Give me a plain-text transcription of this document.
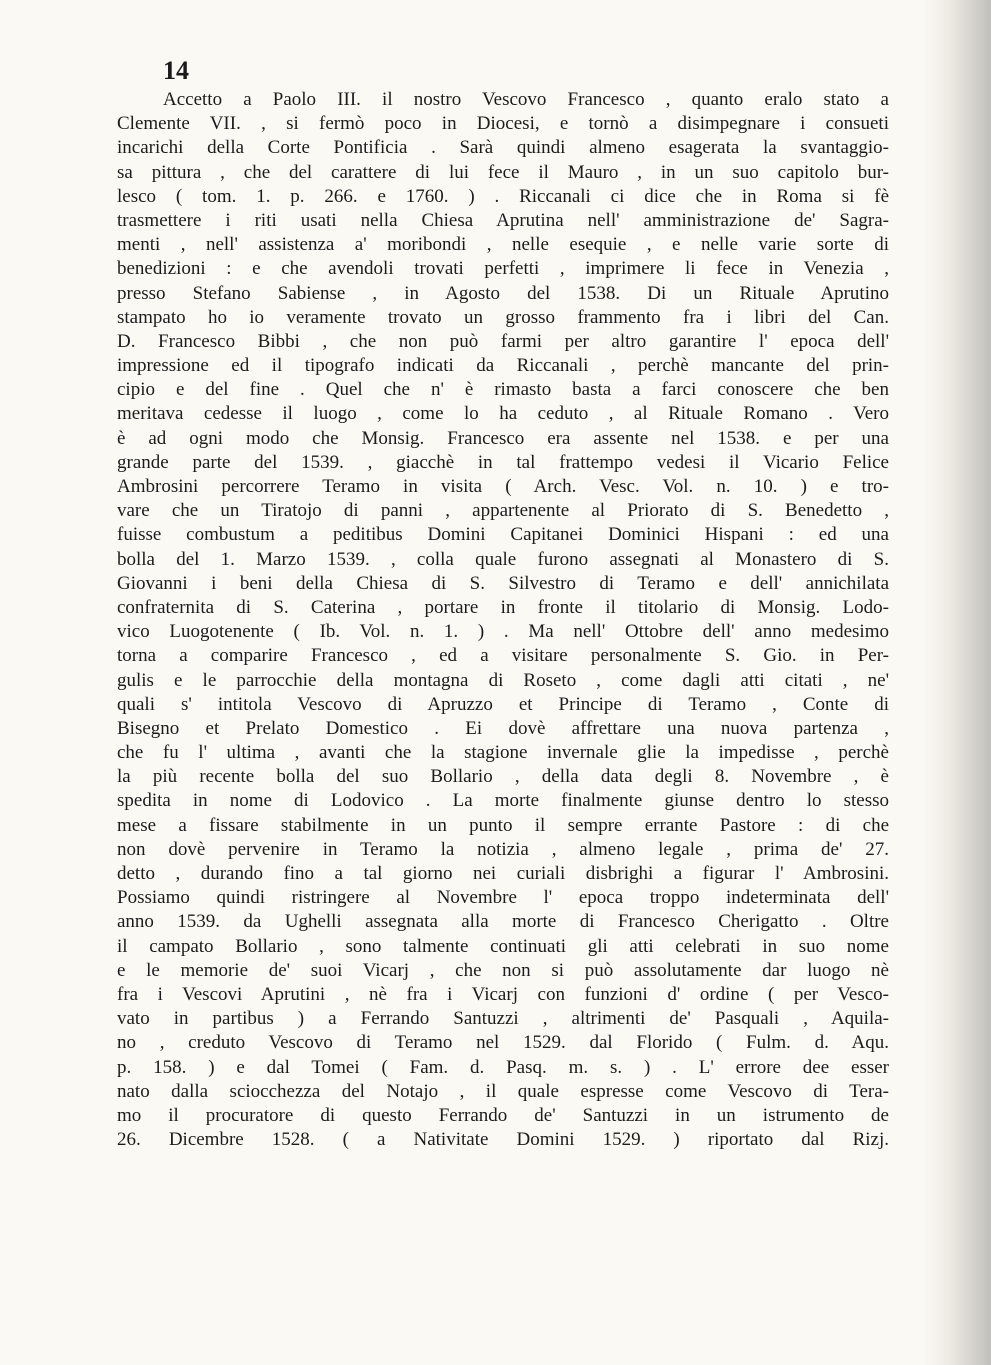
14
Accetto a Paolo III. il nostro Vescovo Francesco , quanto eralo stato a
Clemente VII. , si fermò poco in Diocesi, e tornò a disimpegnare i consueti
incarichi della Corte Pontificia . Sarà quindi almeno esagerata la svantaggio-
sa pittura , che del carattere di lui fece il Mauro , in un suo capitolo bur-
lesco ( tom. 1. p. 266. e 1760. ) . Riccanali ci dice che in Roma si fè
trasmettere i riti usati nella Chiesa Aprutina nell' amministrazione de' Sagra-
menti , nell' assistenza a' moribondi , nelle esequie , e nelle varie sorte di
benedizioni : e che avendoli trovati perfetti , imprimere li fece in Venezia ,
presso Stefano Sabiense , in Agosto del 1538. Di un Rituale Aprutino
stampato ho io veramente trovato un grosso frammento fra i libri del Can.
D. Francesco Bibbi , che non può farmi per altro garantire l' epoca dell'
impressione ed il tipografo indicati da Riccanali , perchè mancante del prin-
cipio e del fine . Quel che n' è rimasto basta a farci conoscere che ben
meritava cedesse il luogo , come lo ha ceduto , al Rituale Romano . Vero
è ad ogni modo che Monsig. Francesco era assente nel 1538. e per una
grande parte del 1539. , giacchè in tal frattempo vedesi il Vicario Felice
Ambrosini percorrere Teramo in visita ( Arch. Vesc. Vol. n. 10. ) e tro-
vare che un Tiratojo di panni , appartenente al Priorato di S. Benedetto ,
fuisse combustum a peditibus Domini Capitanei Dominici Hispani : ed una
bolla del 1. Marzo 1539. , colla quale furono assegnati al Monastero di S.
Giovanni i beni della Chiesa di S. Silvestro di Teramo e dell' annichilata
confraternita di S. Caterina , portare in fronte il titolario di Monsig. Lodo-
vico Luogotenente ( Ib. Vol. n. 1. ) . Ma nell' Ottobre dell' anno medesimo
torna a comparire Francesco , ed a visitare personalmente S. Gio. in Per-
gulis e le parrocchie della montagna di Roseto , come dagli atti citati , ne'
quali s' intitola Vescovo di Apruzzo et Principe di Teramo , Conte di
Bisegno et Prelato Domestico . Ei dovè affrettare una nuova partenza ,
che fu l' ultima , avanti che la stagione invernale glie la impedisse , perchè
la più recente bolla del suo Bollario , della data degli 8. Novembre , è
spedita in nome di Lodovico . La morte finalmente giunse dentro lo stesso
mese a fissare stabilmente in un punto il sempre errante Pastore : di che
non dovè pervenire in Teramo la notizia , almeno legale , prima de' 27.
detto , durando fino a tal giorno nei curiali disbrighi a figurar l' Ambrosini.
Possiamo quindi ristringere al Novembre l' epoca troppo indeterminata dell'
anno 1539. da Ughelli assegnata alla morte di Francesco Cherigatto . Oltre
il campato Bollario , sono talmente continuati gli atti celebrati in suo nome
e le memorie de' suoi Vicarj , che non si può assolutamente dar luogo nè
fra i Vescovi Aprutini , nè fra i Vicarj con funzioni d' ordine ( per Vesco-
vato in partibus ) a Ferrando Santuzzi , altrimenti de' Pasquali , Aquila-
no , creduto Vescovo di Teramo nel 1529. dal Florido ( Fulm. d. Aqu.
p. 158. ) e dal Tomei ( Fam. d. Pasq. m. s. ) . L' errore dee esser
nato dalla sciocchezza del Notajo , il quale espresse come Vescovo di Tera-
mo il procuratore di questo Ferrando de' Santuzzi in un istrumento de
26. Dicembre 1528. ( a Nativitate Domini 1529. ) riportato dal Rizj.
